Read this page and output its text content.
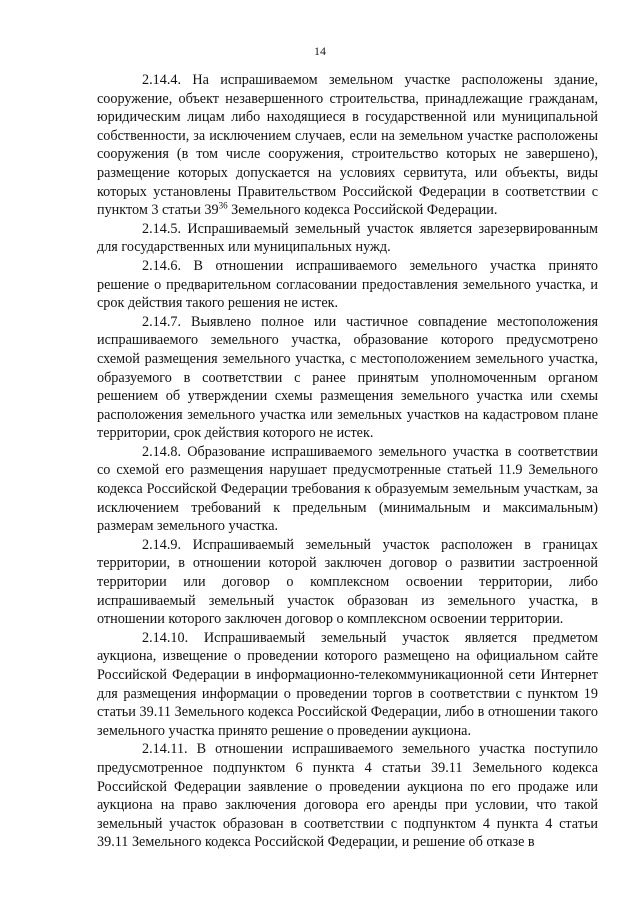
14

2.14.4. На испрашиваемом земельном участке расположены здание, сооружение, объект незавершенного строительства, принадлежащие гражданам, юридическим лицам либо находящиеся в государственной или муниципальной собственности, за исключением случаев, если на земельном участке расположены сооружения (в том числе сооружения, строительство которых не завершено), размещение которых допускается на условиях сервитута, или объекты, виды которых установлены Правительством Российской Федерации в соответствии с пунктом 3 статьи $39^{36}$ Земельного кодекса Российской Федерации.

2.14.5. Испрашиваемый земельный участок является зарезервированным для государственных или муниципальных нужд.

2.14.6. В отношении испрашиваемого земельного участка принято решение о предварительном согласовании предоставления земельного участка, и срок действия такого решения не истек.

2.14.7. Выявлено полное или частичное совпадение местоположения испрашиваемого земельного участка, образование которого предусмотрено схемой размещения земельного участка, с местоположением земельного участка, образуемого в соответствии с ранее принятым уполномоченным органом решением об утверждении схемы размещения земельного участка или схемы расположения земельного участка или земельных участков на кадастровом плане территории, срок действия которого не истек.

2.14.8. Образование испрашиваемого земельного участка в соответствии со схемой его размещения нарушает предусмотренные статьей 11.9 Земельного кодекса Российской Федерации требования к образуемым земельным участкам, за исключением требований к предельным (минимальным и максимальным) размерам земельного участка.

2.14.9. Испрашиваемый земельный участок расположен в границах территории, в отношении которой заключен договор о развитии застроенной территории или договор о комплексном освоении территории, либо испрашиваемый земельный участок образован из земельного участка, в отношении которого заключен договор о комплексном освоении территории.

2.14.10. Испрашиваемый земельный участок является предметом аукциона, извещение о проведении которого размещено на официальном сайте Российской Федерации в информационно-телекоммуникационной сети Интернет для размещения информации о проведении торгов в соответствии с пунктом 19 статьи 39.11 Земельного кодекса Российской Федерации, либо в отношении такого земельного участка принято решение о проведении аукциона.

2.14.11. В отношении испрашиваемого земельного участка поступило предусмотренное подпунктом 6 пункта 4 статьи 39.11 Земельного кодекса Российской Федерации заявление о проведении аукциона по его продаже или аукциона на право заключения договора его аренды при условии, что такой земельный участок образован в соответствии с подпунктом 4 пункта 4 статьи 39.11 Земельного кодекса Российской Федерации, и решение об отказе в
